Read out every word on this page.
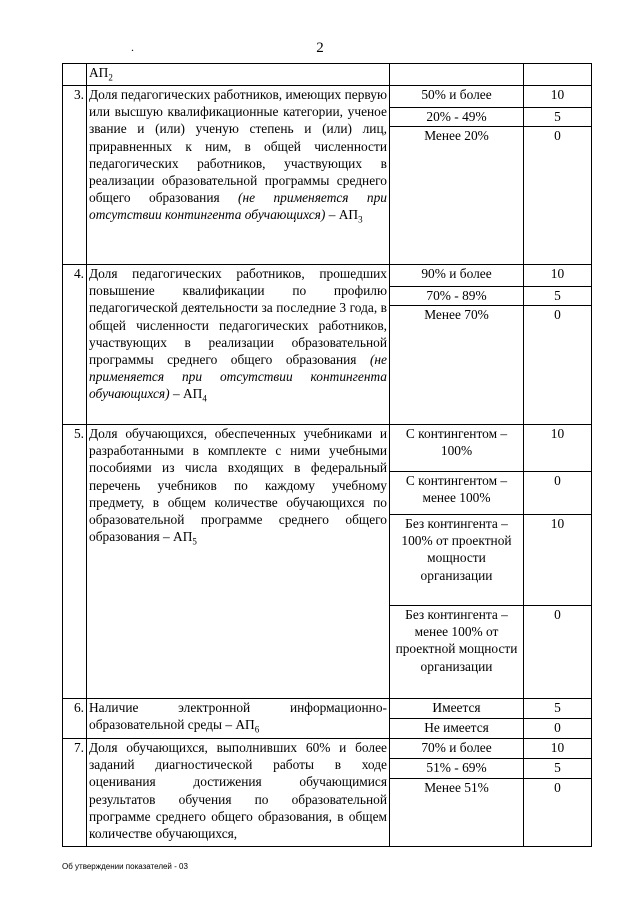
.	2
	$АП_2$		
3.	Доля педагогических работников, имеющих первую или высшую квалификационные категории, ученое звание и (или) ученую степень и (или) лиц, приравненных к ним, в общей численности педагогических работников, участвующих в реализации образовательной программы среднего общего образования (не применяется при отсутствии контингента обучающихся) – $АП_3$	50% и более	10
		20% - 49%	5
		Менее 20%	0
4.	Доля педагогических работников, прошедших повышение квалификации по профилю педагогической деятельности за последние 3 года, в общей численности педагогических работников, участвующих в реализации образовательной программы среднего общего образования (не применяется при отсутствии контингента обучающихся) – $АП_4$	90% и более	10
		70% - 89%	5
		Менее 70%	0
5.	Доля обучающихся, обеспеченных учебниками и разработанными в комплекте с ними учебными пособиями из числа входящих в федеральный перечень учебников по каждому учебному предмету, в общем количестве обучающихся по образовательной программе среднего общего образования – $АП_5$	С контингентом – 100%	10
		С контингентом – менее 100%	0
		Без контингента – 100% от проектной мощности организации	10
		Без контингента – менее 100% от проектной мощности организации	0
6.	Наличие электронной информационно-образовательной среды – $АП_6$	Имеется	5
		Не имеется	0
7.	Доля обучающихся, выполнивших 60% и более заданий диагностической работы в ходе оценивания достижения обучающимися результатов обучения по образовательной программе среднего общего образования, в общем количестве обучающихся,	70% и более	10
		51% - 69%	5
		Менее 51%	0
Об утверждении показателей - 03
